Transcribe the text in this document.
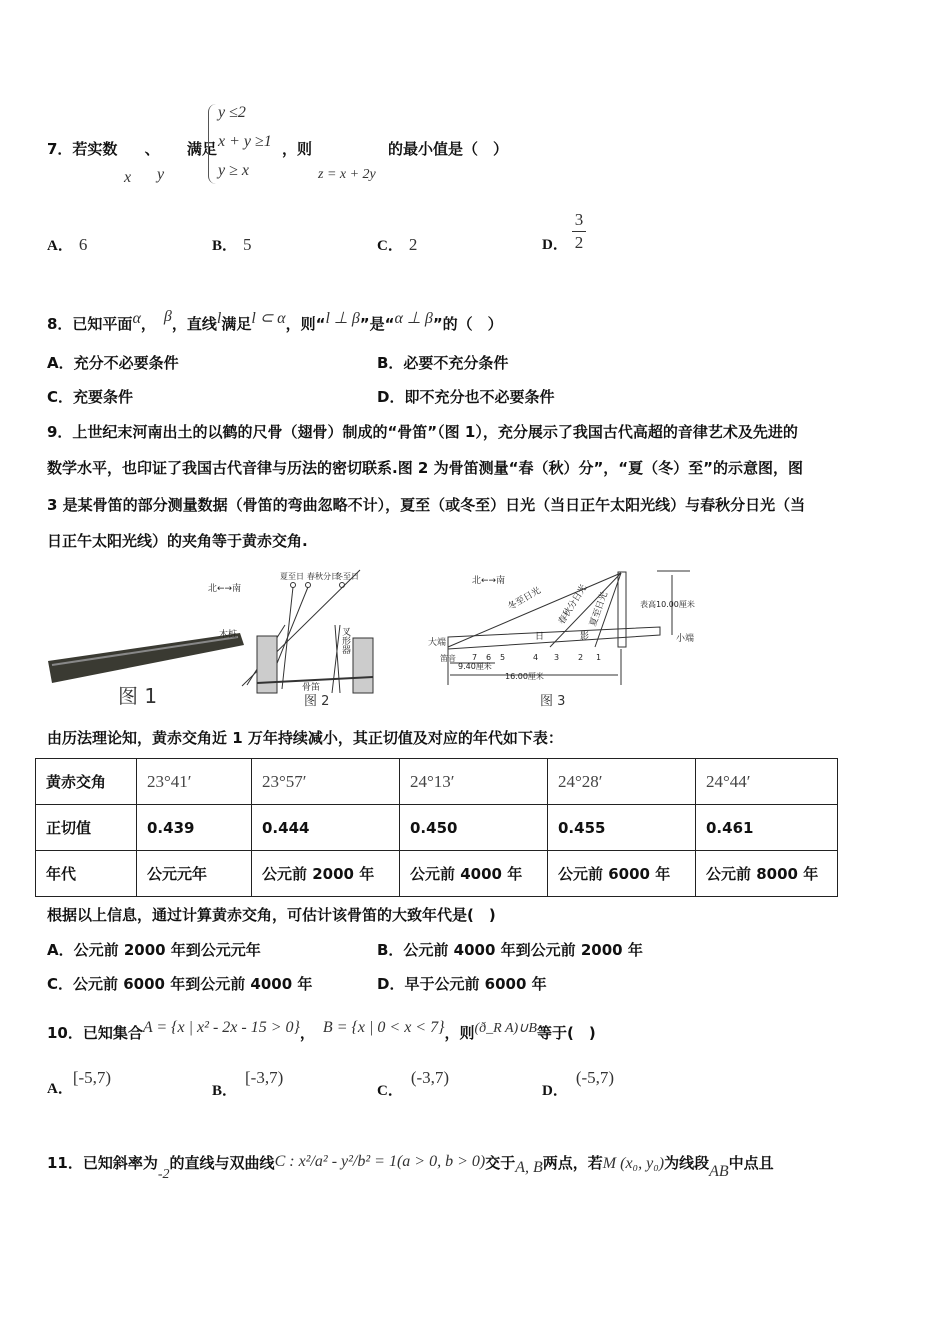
7．若实数 、 满足
x y
y ≤2
x + y ≥1
y ≥ x
，则
z = x + 2y
的最小值是（　）
A． 6	B． 5	C． 2	D．
3
2
8．已知平面α， β，直线l满足l ⊂ α，则“l ⊥ β”是“α ⊥ β”的（　）
A．充分不必要条件	B．必要不充分条件
C．充要条件	D．即不充分也不必要条件
9．上世纪末河南出土的以鹤的尺骨（翅骨）制成的“骨笛”（图 1），充分展示了我国古代高超的音律艺术及先进的
数学水平，也印证了我国古代音律与历法的密切联系.图 2 为骨笛测量“春（秋）分”，“夏（冬）至”的示意图，图
3 是某骨笛的部分测量数据（骨笛的弯曲忽略不计），夏至（或冬至）日光（当日正午太阳光线）与春秋分日光（当
日正午太阳光线）的夹角等于黄赤交角.
图 1
北←→南
夏至日 春秋分日
冬至日
木桩
骨笛
叉形器
图 2
北←→南
冬至日光 春秋分日光 夏至日光
日	影
大端	小端
笛音 7 6 5	4 3 2 1
9.40厘米
16.00厘米
表高10.00厘米
图 3
由历法理论知，黄赤交角近 1 万年持续减小，其正切值及对应的年代如下表：
黄赤交角	23°41′	23°57′	24°13′	24°28′	24°44′
正切值	0.439	0.444	0.450	0.455	0.461
年代	公元元年	公元前 2000 年	公元前 4000 年	公元前 6000 年	公元前 8000 年
根据以上信息，通过计算黄赤交角，可估计该骨笛的大致年代是(　)
A．公元前 2000 年到公元元年	B．公元前 4000 年到公元前 2000 年
C．公元前 6000 年到公元前 4000 年	D．早于公元前 6000 年
10．已知集合A = {x | x² - 2x - 15 > 0}， B = {x | 0 < x < 7}，则(ð_R A)∪B等于(　)
A．[-5,7)
B．[-3,7)
C．(-3,7)
D．(-5,7)
11．已知斜率为-2的直线与双曲线C : x²/a² - y²/b² = 1(a > 0, b > 0)交于A, B两点，若M (x₀, y₀)为线段AB中点且
